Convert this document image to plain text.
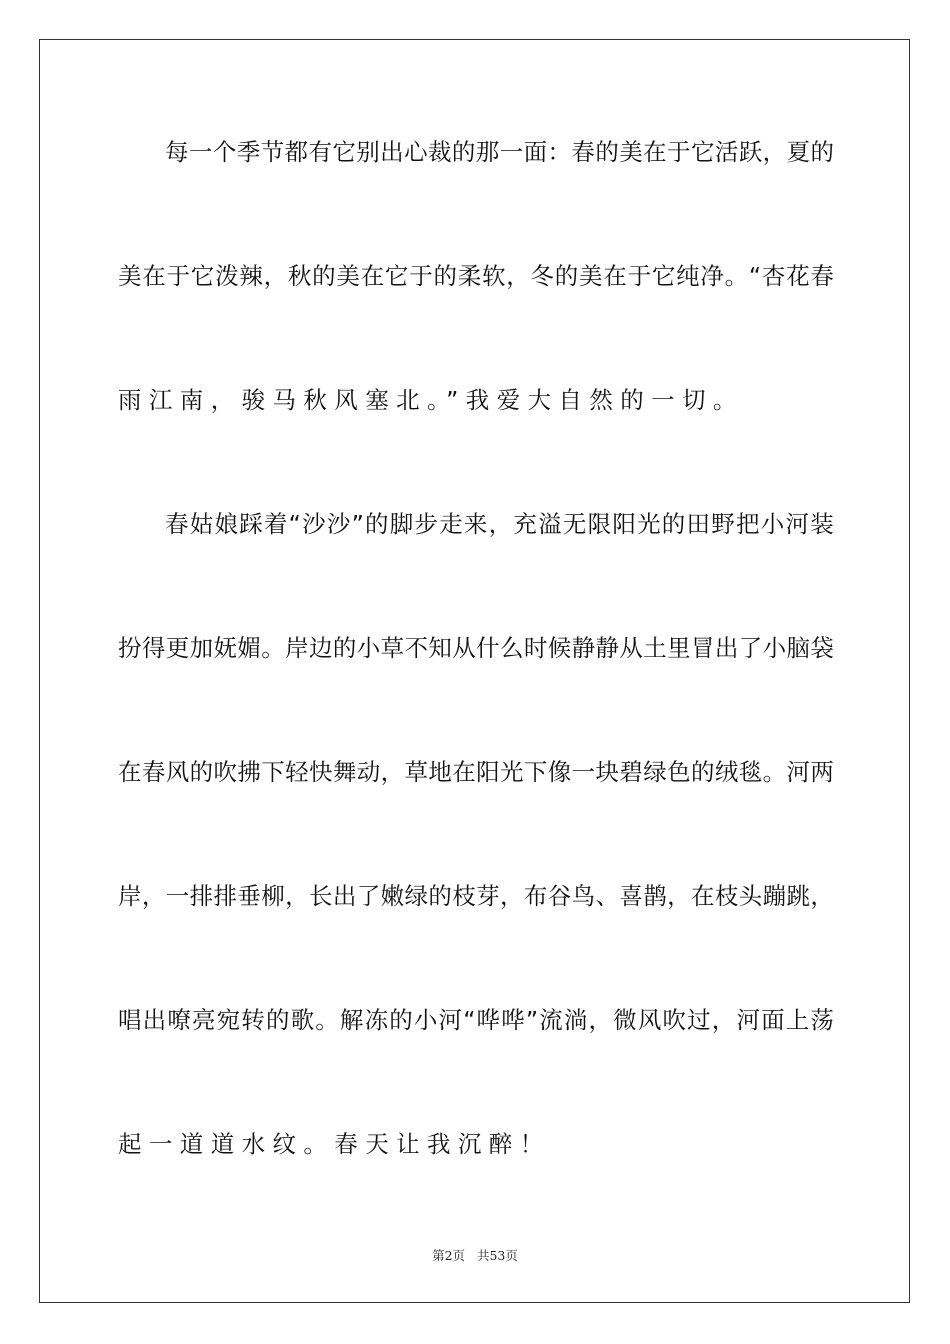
每 一 个 季 节 都 有 它 别 出 心 裁 的 那 一 面 ： 春 的 美 在 于 它 活 跃 ， 夏 的
美 在 于 它 泼 辣 ， 秋 的 美 在 它 于 的 柔 软 ， 冬 的 美 在 于 它 纯 净 。 “ 杏 花 春
雨江南，骏马秋风塞北。”我爱大自然的一切。
春 姑 娘 踩 着 “ 沙 沙 ” 的 脚 步 走 来 ， 充 溢 无 限 阳 光 的 田 野 把 小 河 装
扮 得 更 加 妩 媚 。 岸 边 的 小 草 不 知 从 什 么 时 候 静 静 从 土 里 冒 出 了 小 脑 袋
在 春 风 的 吹 拂 下 轻 快 舞 动 ， 草 地 在 阳 光 下 像 一 块 碧 绿 色 的 绒 毯 。 河 两
岸 ， 一 排 排 垂 柳 ， 长 出 了 嫩 绿 的 枝 芽 ， 布 谷 鸟 、 喜 鹊 ， 在 枝 头 蹦 跳 ，
唱 出 嘹 亮 宛 转 的 歌 。 解 冻 的 小 河 “ 哗 哗 ” 流 淌 ， 微 风 吹 过 ， 河 面 上 荡
起一道道水纹。春天让我沉醉！
第2页 共53页
